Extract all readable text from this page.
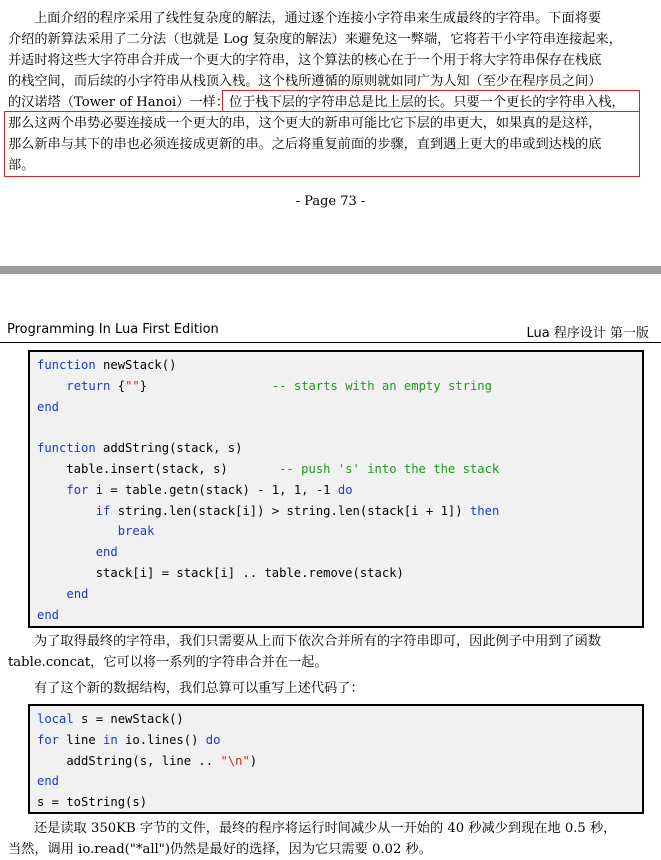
上面介绍的程序采用了线性复杂度的解法，通过逐个连接小字符串来生成最终的字符串。下面将要
介绍的新算法采用了二分法（也就是 Log 复杂度的解法）来避免这一弊端，它将若干小字符串连接起来，
并适时将这些大字符串合并成一个更大的字符串，这个算法的核心在于一个用于将大字符串保存在栈底
的栈空间，而后续的小字符串从栈顶入栈。这个栈所遵循的原则就如同广为人知（至少在程序员之间）
的汉诺塔（Tower of Hanoi）一样：位于栈下层的字符串总是比上层的长。只要一个更长的字符串入栈，
那么这两个串势必要连接成一个更大的串，这个更大的新串可能比它下层的串更大，如果真的是这样，
那么新串与其下的串也必须连接成更新的串。之后将重复前面的步骤，直到遇上更大的串或到达栈的底
部。
- Page 73 -
Programming In Lua First Edition	Lua 程序设计 第一版
function newStack()
return {""}                 -- starts with an empty string
end
function addString(stack, s)
table.insert(stack, s)       -- push 's' into the the stack
for i = table.getn(stack) - 1, 1, -1 do
if string.len(stack[i]) > string.len(stack[i + 1]) then
break
end
stack[i] = stack[i] .. table.remove(stack)
end
end
为了取得最终的字符串，我们只需要从上而下依次合并所有的字符串即可，因此例子中用到了函数
table.concat，它可以将一系列的字符串合并在一起。
有了这个新的数据结构，我们总算可以重写上述代码了：
local s = newStack()
for line in io.lines() do
addString(s, line .. "\n")
end
s = toString(s)
还是读取 350KB 字节的文件，最终的程序将运行时间减少从一开始的 40 秒减少到现在地 0.5 秒，
当然，调用 io.read("*all")仍然是最好的选择，因为它只需要 0.02 秒。
